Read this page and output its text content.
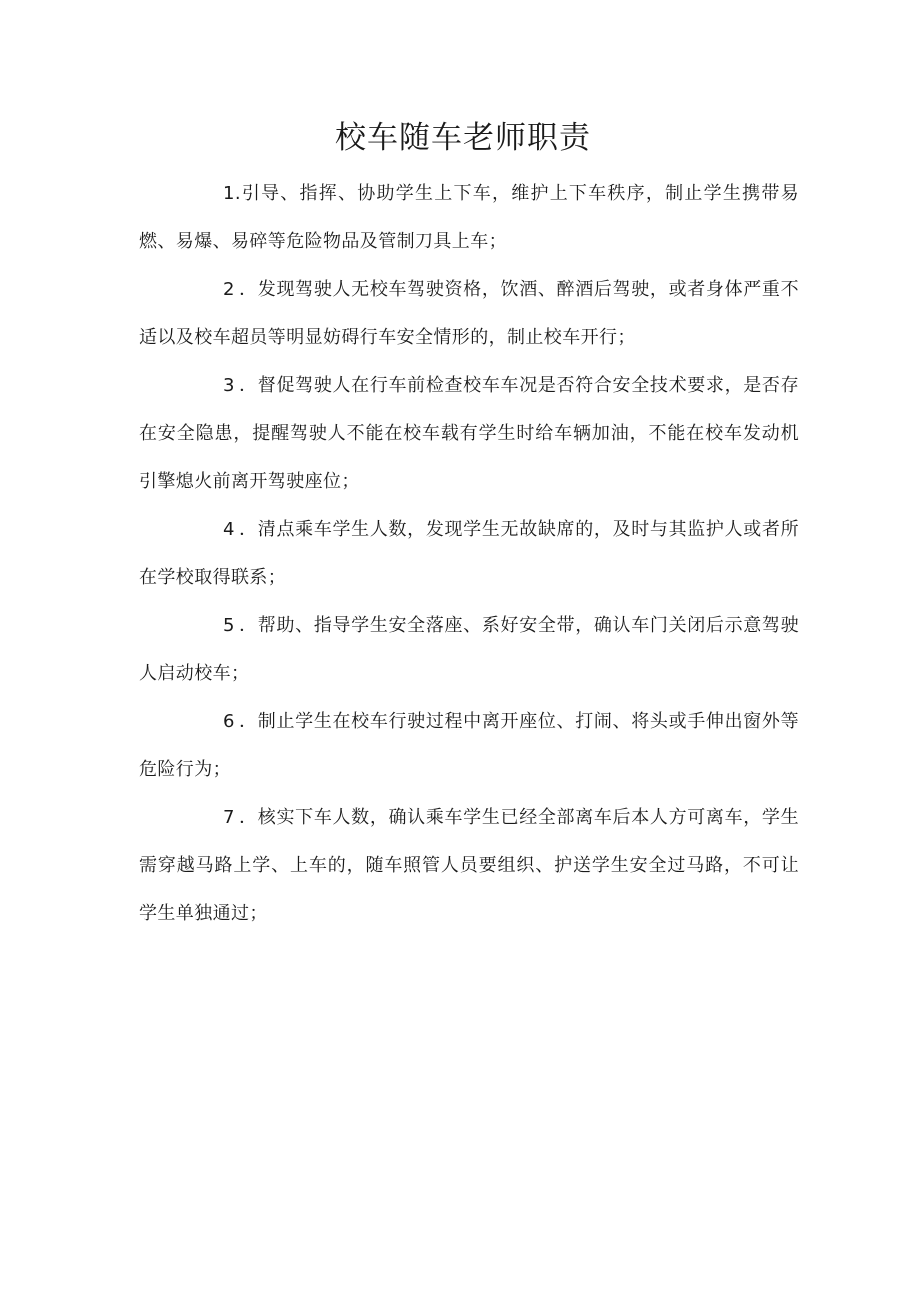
校车随车老师职责

1.引导、指挥、协助学生上下车，维护上下车秩序，制止学生携带易燃、易爆、易碎等危险物品及管制刀具上车；

2 ．发现驾驶人无校车驾驶资格，饮酒、醉酒后驾驶，或者身体严重不适以及校车超员等明显妨碍行车安全情形的，制止校车开行；

3 ．督促驾驶人在行车前检查校车车况是否符合安全技术要求，是否存在安全隐患，提醒驾驶人不能在校车载有学生时给车辆加油，不能在校车发动机引擎熄火前离开驾驶座位；

4 ．清点乘车学生人数，发现学生无故缺席的，及时与其监护人或者所在学校取得联系；

5 ．帮助、指导学生安全落座、系好安全带，确认车门关闭后示意驾驶人启动校车；

6 ．制止学生在校车行驶过程中离开座位、打闹、将头或手伸出窗外等危险行为；

7 ．核实下车人数，确认乘车学生已经全部离车后本人方可离车，学生需穿越马路上学、上车的，随车照管人员要组织、护送学生安全过马路，不可让学生单独通过；
